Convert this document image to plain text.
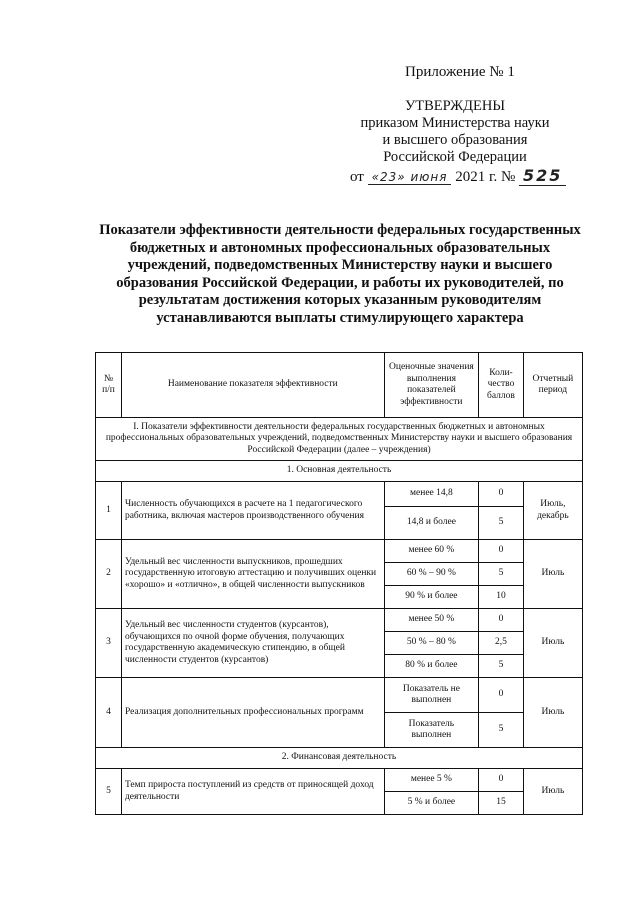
Приложение № 1
УТВЕРЖДЕНЫ
приказом Министерства науки
и высшего образования
Российской Федерации
от «23» июня 2021 г. № 525
Показатели эффективности деятельности федеральных государственных бюджетных и автономных профессиональных образовательных учреждений, подведомственных Министерству науки и высшего образования Российской Федерации, и работы их руководителей, по результатам достижения которых указанным руководителям устанавливаются выплаты стимулирующего характера
№ п/п	Наименование показателя эффективности	Оценочные значения выполнения показателей эффективности	Коли-чество баллов	Отчетный период
I. Показатели эффективности деятельности федеральных государственных бюджетных и автономных профессиональных образовательных учреждений, подведомственных Министерству науки и высшего образования Российской Федерации (далее – учреждения)				
1. Основная деятельность				
1	Численность обучающихся в расчете на 1 педагогического работника, включая мастеров производственного обучения	менее 14,8	0	Июль, декабрь
		14,8 и более	5	
2	Удельный вес численности выпускников, прошедших государственную итоговую аттестацию и получивших оценки «хорошо» и «отлично», в общей численности выпускников	менее 60 %	0	Июль
		60 % – 90 %	5	
		90 % и более	10	
3	Удельный вес численности студентов (курсантов), обучающихся по очной форме обучения, получающих государственную академическую стипендию, в общей численности студентов (курсантов)	менее 50 %	0	Июль
		50 % – 80 %	2,5	
		80 % и более	5	
4	Реализация дополнительных профессиональных программ	Показатель не выполнен	0	Июль
		Показатель выполнен	5	
2. Финансовая деятельность				
5	Темп прироста поступлений из средств от приносящей доход деятельности	менее 5 %	0	Июль
		5 % и более	15	
